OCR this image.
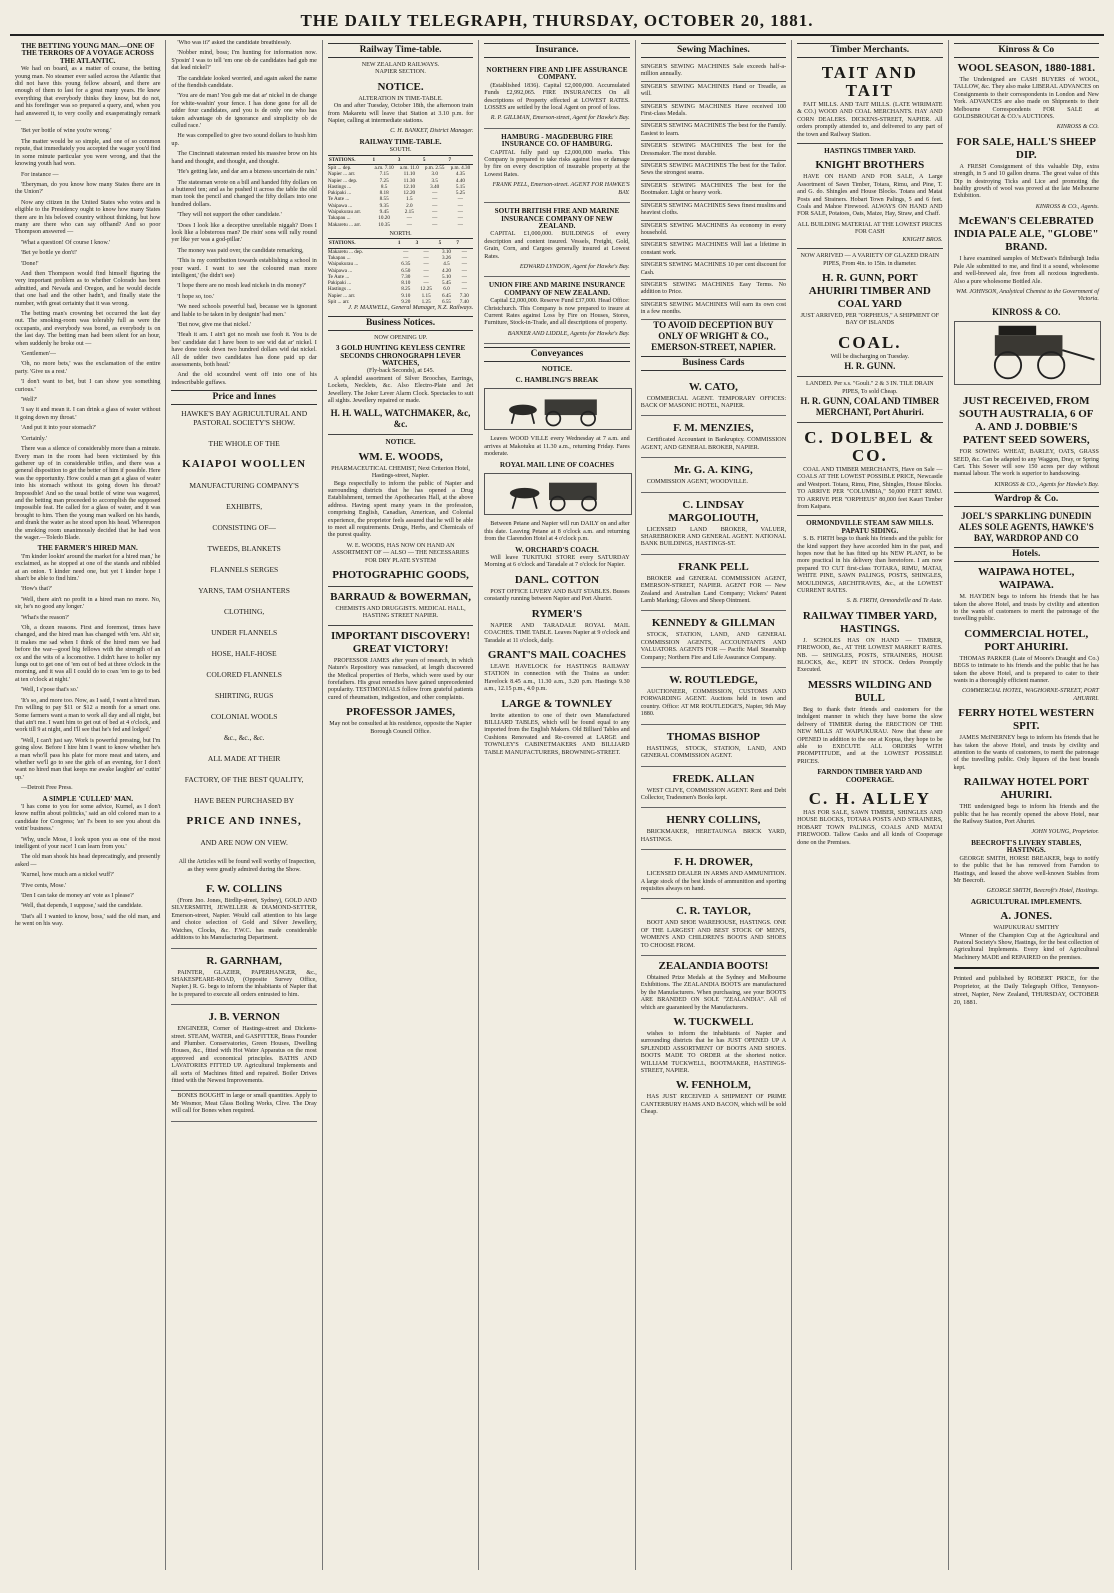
THE DAILY TELEGRAPH, THURSDAY, OCTOBER 20, 1881.
THE BETTING YOUNG MAN.—ONE OF THE TERRORS OF A VOYAGE ACROSS THE ATLANTIC.

We had on board, as a matter of course, the betting young man. No steamer ever sailed across the Atlantic that did not have this young fellow aboard, and there are enough of them to last for a great many years. He knew everything that everybody thinks they know, but do not, and his forefinger was so prepared a query, and, when you had answered it, to very coolly and exasperatingly remark —

'Bet yer bottle of wine you're wrong.'

The matter would be so simple, and one of so common repute, that immediately you accepted the wager you'd find in some minute particular you were wrong, and that the knowing youth had won.

For instance —

'Eberyman, do you know how many States there are in the Union?'

Now any citizen in the United States who votes and is eligible to the Presidency ought to know how many States there are in his beloved country without thinking, but how many are there who can say offhand? And so poor Thompson answered —

'What a question! Of course I know.'

'Bet ye bottle ye don't!'

'Done!'

And then Thompson would find himself figuring the very important problem as to whether Colorado has been admitted, and Nevada and Oregon, and he would decide that one had and the other hadn't, and finally state the number, with great certainty that it was wrong.

The betting man's crowning bet occurred the last day out. The smoking-room was tolerably full as were the occupants, and everybody was bored, as everybody is on the last day. The betting man had been silent for an hour, when suddenly he broke out —

'Gentlemen'—

'Oh, no more bets,' was the exclamation of the entire party. 'Give us a rest.'

'I don't want to bet, but I can show you something curious.'

'Well?'

'I say it and mean it. I can drink a glass of water without it going down my throat.'

'And put it into your stomach?'

'Certainly.'

There was a silence of considerably more than a minute. Every man in the room had been victimised by this gatherer up of in considerable trifles, and there was a general disposition to get the better of him if possible. Here was the opportunity. How could a man get a glass of water into his stomach without its going down his throat? Impossible! And so the usual bottle of wine was wagered, and the betting man proceeded to accomplish the supposed impossible feat. He called for a glass of water, and it was brought to him. Then the young man walked on his hands, and drank the water as he stood upon his head. Whereupon the smoking room unanimously decided that he had won the wager.—Toledo Blade.

THE FARMER'S HIRED MAN.

'I'm kinder lookin' around the market for a hired man,' he exclaimed, as he stopped at one of the stands and nibbled at an onion. 'I kinder need one, but yet I kinder hope I shan't be able to find him.'

'How's that?'

'Well, there ain't no profit in a hired man no more. No, sir, he's no good any longer.'

'What's the reason?'

'Oh, a dozen reasons. First and foremost, times have changed, and the hired man has changed with 'em. Ah! sir, it makes me sad when I think of the hired men we had before the war—good big fellows with the strength of an ox and the wits of a locomotive. I didn't have to holler my lungs out to get one of 'em out of bed at three o'clock in the morning, and it was all I could do to coax 'em to go to bed at ten o'clock at night.'

'Well, I s'pose that's so.'

'It's so, and more too. Now, as I said, I want a hired man. I'm willing to pay $11 or $12 a month for a smart one. Some farmers want a man to work all day and all night, but that ain't me. I want him to get out of bed at 4 o'clock, and work till 9 at night, and I'll see that he's fed and lodged.'

'Well, I can't just say. Work is powerful pressing, but I'm going slow. Before I hire him I want to know whether he's a man who'll pass his plate for more meat and taters, and whether we'll go to see the girls of an evening, for I don't want no hired man that keeps me awake laughin' an' cuttin' up.'

—Detroit Free Press.

A SIMPLE 'CULLED' MAN.

'I has come to you for some advice, Kurnel, as I don't know nuffin about politicks,' said an old colored man to a candidate for Congress; 'an' I's been to see you about dis votin' business.'

'Why, uncle Mose, I look upon you as one of the most intelligent of your race! I can learn from you.'

The old man shook his head deprecatingly, and presently asked —

'Kurnel, how much am a nickel wuff?'

'Five cents, Mose.'

'Den I can take de money an' vote as I please?'

'Well, that depends, I suppose,' said the candidate.

'Dat's all I wanted to know, boss,' said the old man, and he went on his way.

'Who was it?' asked the candidate breathlessly.

'Nobber mind, boss; I'm hunting for information now. S'posin' I was to tell 'em one ob de candidates had gub me dat lead nickel?'

The candidate looked worried, and again asked the name of the fiendish candidate.

'You are de man! You gub me dat ar' nickel in de change for white-washin' your fence. I has done gone for all de udder four candidates, and you is de only one who has taken advantage ob de ignorance and simplicity ob de cullud race.'

He was compelled to give two sound dollars to hush him up.

The Cincinnati statesman rested his massive brow on his hand and thought, and thought, and thought.

'He's getting late, and dar am a bizness uncertain de rain.'

The statesman wrote on a bill and handed fifty dollars on a buttered ten; and as he pushed it across the table the old man took the pencil and changed the fifty dollars into one hundred dollars.

'They will not support the other candidate.'

'Does I look like a deceptive unreliable niggah? Does I look like a lobsterous man? De risin' sons will rally round yer like yer was a god-pillar.'

The money was paid over, the candidate remarking,

'This is my contribution towards establishing a school in your ward. I want to see the coloured man more intelligent,' (he didn't see)

'I hope there are no mosh lead nickels in dis money?'

'I hope so, too.'

'We need schools powerful bad, because we is ignorant and liable to be taken in by designin' bad men.'

'But now, give me that nickel.'

'Heah it am. I ain't got no mosh use fooh it. You is de bes' candidate dat I have been to see wid dat ar' nickel. I have done took down two hundred dollars wid dat nickel. All de udder two candidates has done paid up dar assessments, both head.'

And the old scoundrel went off into one of his indescribable guffaws.

Price and Innes

HAWKE'S BAY AGRICULTURAL AND PASTORAL SOCIETY'S SHOW.

THE WHOLE OF THE

KAIAPOI WOOLLEN

MANUFACTURING COMPANY'S

EXHIBITS,

CONSISTING OF—

TWEEDS, BLANKETS

FLANNELS SERGES

YARNS, TAM O'SHANTERS

CLOTHING,

UNDER FLANNELS

HOSE, HALF-HOSE

COLORED FLANNELS

SHIRTING, RUGS

COLONIAL WOOLS

&c., &c., &c.

ALL MADE AT THEIR

FACTORY, OF THE BEST QUALITY,

HAVE BEEN PURCHASED BY

PRICE AND INNES,

AND ARE NOW ON VIEW.

All the Articles will be found well worthy of Inspection, as they were greatly admired during the Show.

F. W. COLLINS

(From Jno. Jones, Birdlip-street, Sydney), GOLD AND SILVERSMITH, JEWELLER & DIAMOND-SETTER, Emerson-street, Napier. Would call attention to his large and choice selection of Gold and Silver Jewellery, Watches, Clocks, &c. F.W.C. has made considerable additions to his Manufacturing Department.

R. GARNHAM,

PAINTER, GLAZIER, PAPERHANGER, &c., SHAKESPEARE-ROAD, (Opposite Survey Office, Napier.) R. G. begs to inform the inhabitants of Napier that he is prepared to execute all orders entrusted to him.

J. B. VERNON

ENGINEER, Corner of Hastings-street and Dickens-street. STEAM, WATER, and GASFITTER, Brass Founder and Plumber. Conservatories, Green Houses, Dwelling Houses, &c., fitted with Hot Water Apparatus on the most approved and economical principles. BATHS AND LAVATORIES FITTED UP. Agricultural Implements and all sorts of Machines fitted and repaired. Boiler Drives fitted with the Newest Improvements.

BONES BOUGHT in large or small quantities. Apply to Mr Wesmor, Meat Glass Boiling Works, Clive. The Dray will call for Bones when required.

Railway Time-table.
NEW ZEALAND RAILWAYS.
NAPIER SECTION.
NOTICE.
ALTERATION IN TIME-TABLE.

On and after Tuesday, October 18th, the afternoon train from Makaretu will leave that Station at 3.10 p.m. for Napier, calling at intermediate stations.

C. H. BANKET, District Manager.
RAILWAY TIME-TABLE.
SOUTH.
STATIONS.	1	3	5	7
Spit ... dep.	a.m. 7.10	a.m. 11.0	p.m. 2.55	p.m. 4.30
Napier ... arr.	7.15	11.10	3.0	4.35
Napier ... dep.	7.25	11.30	3.5	4.40
Hastings ...	8.5	12.10	3.40	5.15
Pakipaki ...	8.18	12.20	—	5.25
Te Aute ...	8.55	1.5	—	—
Waipawa ...	9.35	2.0	—	—
Waipukurau arr.	9.45	2.15	—	—
Takapau ...	10.20	—	—	—
Makaretu ... arr.	10.35	—	—	—
NORTH.
STATIONS.	1	3	5	7
Makaretu ... dep.	—	—	3.10	—
Takapau ...	—	—	3.26	—
Waipukurau ...	6.35	—	4.5	—
Waipawa ...	6.50	—	4.20	—
Te Aute ...	7.30	—	5.10	—
Pakipaki ...	8.10	—	5.45	—
Hastings ...	8.25	12.25	6.0	—
Napier ... arr.	9.10	1.15	6.45	7.30
Spit ... arr.	9.20	1.25	6.55	7.40
J. P. MAXWELL, General Manager, N.Z. Railways.
Business Notices.
NOW OPENING UP.
3 GOLD HUNTING KEYLESS CENTRE SECONDS CHRONOGRAPH LEVER WATCHES,
(Fly-back Seconds), at £45.

A splendid assortment of Silver Brooches, Earrings, Lockets, Necklets, &c. Also Electro-Plate and Jet Jewellery. The Joker Lever Alarm Clock. Spectacles to suit all sights. Jewellery repaired or made.

H. H. WALL, WATCHMAKER, &c, &c.
NOTICE.
WM. E. WOODS,
PHARMACEUTICAL CHEMIST, Next Criterion Hotel, Hastings-street, Napier.

Begs respectfully to inform the public of Napier and surrounding districts that he has opened a Drug Establishment, termed the Apothecaries Hall, at the above address. Having spent many years in the profession, comprising English, Canadian, American, and Colonial experience, the proprietor feels assured that he will be able to meet all requirements. Drugs, Herbs, and Chemicals of the purest quality.

W. E. WOODS, HAS NOW ON HAND AN ASSORTMENT OF — ALSO — THE NECESSARIES FOR DRY PLATE SYSTEM
PHOTOGRAPHIC GOODS,
BARRAUD & BOWERMAN,
CHEMISTS AND DRUGGISTS. MEDICAL HALL, HASTING STREET NAPIER.
IMPORTANT DISCOVERY! GREAT VICTORY!

PROFESSOR JAMES after years of research, in which Nature's Repository was ransacked, at length discovered the Medical properties of Herbs, which were used by our forefathers. His great remedies have gained unprecedented popularity. TESTIMONIALS follow from grateful patients cured of rheumatism, indigestion, and other complaints.

PROFESSOR JAMES,
May not be consulted at his residence, opposite the Napier Borough Council Office.
Insurance.
NORTHERN FIRE AND LIFE ASSURANCE COMPANY.

(Established 1836). Capital £2,000,000. Accumulated Funds £2,992,065. FIRE INSURANCES On all descriptions of Property effected at LOWEST RATES. LOSSES are settled by the local Agent on proof of loss.

R. P. GILLMAN, Emerson-street, Agent for Hawke's Bay.
HAMBURG - MAGDEBURG FIRE INSURANCE CO. OF HAMBURG.

CAPITAL fully paid up £2,000,000 marks. This Company is prepared to take risks against loss or damage by fire on every description of insurable property at the Lowest Rates.

FRANK PELL, Emerson-street. AGENT FOR HAWKE'S BAY.
SOUTH BRITISH FIRE AND MARINE INSURANCE COMPANY OF NEW ZEALAND.

CAPITAL £1,000,000. BUILDINGS of every description and content insured. Vessels, Freight, Gold, Grain, Corn, and Cargoes generally insured at Lowest Rates.

EDWARD LYNDON, Agent for Hawke's Bay.
UNION FIRE AND MARINE INSURANCE COMPANY OF NEW ZEALAND.

Capital £2,000,000. Reserve Fund £37,000. Head Office: Christchurch. This Company is now prepared to insure at Current Rates against Loss by Fire on Houses, Stores, Furniture, Stock-in-Trade, and all descriptions of property.

BANNER AND LIDDLE, Agents for Hawke's Bay.
Conveyances
NOTICE.
C. HAMBLING'S BREAK

Leaves WOOD VILLE every Wednesday at 7 a.m. and arrives at Makotuku at 11.30 a.m., returning Friday. Fares moderate.

ROYAL MAIL LINE OF COACHES

Between Petane and Napier will run DAILY on and after this date. Leaving Petane at 8 o'clock a.m. and returning from the Clarendon Hotel at 4 o'clock p.m.

W. ORCHARD'S COACH.

Will leave TUKITUKI STORE every SATURDAY Morning at 6 o'clock and Taradale at 7 o'clock for Napier.

DANL. COTTON

POST OFFICE LIVERY AND BAIT STABLES. Busses constantly running between Napier and Port Ahuriri.

RYMER'S

NAPIER AND TARADALE ROYAL MAIL COACHES. TIME TABLE. Leaves Napier at 9 o'clock and Taradale at 11 o'clock, daily.

GRANT'S MAIL COACHES

LEAVE HAVELOCK for HASTINGS RAILWAY STATION in connection with the Trains as under: Havelock 8.45 a.m., 11.30 a.m., 3.20 p.m. Hastings 9.30 a.m., 12.15 p.m., 4.0 p.m.

LARGE & TOWNLEY

Invite attention to one of their own Manufactured BILLIARD TABLES, which will be found equal to any imported from the English Makers. Old Billiard Tables and Cushions Renovated and Re-covered at LARGE and TOWNLEY'S CABINETMAKERS AND BILLIARD TABLE MANUFACTURERS, BROWNING-STREET.

Sewing Machines.
SINGER'S SEWING MACHINES Sale exceeds half-a-million annually.
SINGER'S SEWING MACHINES Hand or Treadle, as will.
SINGER'S SEWING MACHINES Have received 100 First-class Medals.
SINGER'S SEWING MACHINES The best for the Family. Easiest to learn.
SINGER'S SEWING MACHINES The best for the Dressmaker. The most durable.
SINGER'S SEWING MACHINES The best for the Tailor. Sews the strongest seams.
SINGER'S SEWING MACHINES The best for the Bootmaker. Light or heavy work.
SINGER'S SEWING MACHINES Sews finest muslins and heaviest cloths.
SINGER'S SEWING MACHINES As economy in every household.
SINGER'S SEWING MACHINES Will last a lifetime in constant work.
SINGER'S SEWING MACHINES 10 per cent discount for Cash.
SINGER'S SEWING MACHINES Easy Terms. No addition to Price.
SINGER'S SEWING MACHINES Will earn its own cost in a few months.
TO AVOID DECEPTION BUY ONLY OF WRIGHT & CO., EMERSON-STREET, NAPIER.
Business Cards
W. CATO,

COMMERCIAL AGENT. TEMPORARY OFFICES: BACK OF MASONIC HOTEL, NAPIER.

F. M. MENZIES,

Certificated Accountant in Bankruptcy. COMMISSION AGENT, AND GENERAL BROKER, NAPIER.

Mr. G. A. KING,

COMMISSION AGENT, WOODVILLE.

C. LINDSAY MARGOLIOUTH,

LICENSED LAND BROKER, VALUER, SHAREBROKER AND GENERAL AGENT. NATIONAL BANK BUILDINGS, HASTINGS-ST.

FRANK PELL

BROKER and GENERAL COMMISSION AGENT, EMERSON-STREET, NAPIER. AGENT FOR — New Zealand and Australian Land Company; Vickers' Patent Lamb Marking; Gloves and Sheep Ointment.

KENNEDY & GILLMAN

STOCK, STATION, LAND, AND GENERAL COMMISSION AGENTS, ACCOUNTANTS AND VALUATORS. AGENTS FOR — Pacific Mail Steamship Company; Northern Fire and Life Assurance Company.

W. ROUTLEDGE,

AUCTIONEER, COMMISSION, CUSTOMS AND FORWARDING AGENT. Auctions held in town and country. Office: AT MR ROUTLEDGE'S, Napier, 9th May 1880.

THOMAS BISHOP

HASTINGS, STOCK, STATION, LAND, AND GENERAL COMMISSION AGENT.

FREDK. ALLAN

WEST CLIVE, COMMISSION AGENT. Rent and Debt Collector, Tradesmen's Books kept.

HENRY COLLINS,

BRICKMAKER, HERETAUNGA BRICK YARD, HASTINGS.

F. H. DROWER,

LICENSED DEALER IN ARMS AND AMMUNITION. A large stock of the best kinds of ammunition and sporting requisites always on hand.

C. R. TAYLOR,

BOOT AND SHOE WAREHOUSE, HASTINGS. ONE OF THE LARGEST AND BEST STOCK OF MEN'S, WOMEN'S AND CHILDREN'S BOOTS AND SHOES TO CHOOSE FROM.

ZEALANDIA BOOTS!

Obtained Prize Medals at the Sydney and Melbourne Exhibitions. The ZEALANDIA BOOTS are manufactured by the Manufacturers. When purchasing, see your BOOTS ARE BRANDED ON SOLE "ZEALANDIA". All of which are guaranteed by the Manufacturers.

W. TUCKWELL

wishes to inform the inhabitants of Napier and surrounding districts that he has JUST OPENED UP A SPLENDID ASSORTMENT OF BOOTS AND SHOES. BOOTS MADE TO ORDER at the shortest notice. WILLIAM TUCKWELL, BOOTMAKER, HASTINGS-STREET, NAPIER.

W. FENHOLM,

HAS JUST RECEIVED A SHIPMENT OF PRIME CANTERBURY HAMS AND BACON, which will be sold Cheap.

Timber Merchants.
TAIT AND TAIT

FAIT MILLS. AND TAIT MILLS. (LATE WIRIMATE & CO.) WOOD AND COAL MERCHANTS. HAY AND CORN DEALERS. DICKENS-STREET, NAPIER. All orders promptly attended to, and delivered to any part of the town and Railway Station.

HASTINGS TIMBER YARD.
KNIGHT BROTHERS

HAVE ON HAND AND FOR SALE, A Large Assortment of Sawn Timber, Totara, Rimu, and Pine, T. and G. do. Shingles and House Blocks. Totara and Matai Posts and Strainers. Hobart Town Palings, 5 and 6 feet. Coals and Mahoe Firewood. ALWAYS ON HAND AND FOR SALE, Potatoes, Oats, Maize, Hay, Straw, and Chaff.

ALL BUILDING MATERIAL AT THE LOWEST PRICES FOR CASH
KNIGHT BROS.
NOW ARRIVED — A VARIETY OF GLAZED DRAIN PIPES, From 4in. to 15in. in diameter.
H. R. GUNN, PORT AHURIRI TIMBER AND COAL YARD
JUST ARRIVED, PER "ORPHEUS," A SHIPMENT OF BAY OF ISLANDS
COAL.
Will be discharging on Tuesday.
H. R. GUNN.
LANDED. Per s.s. "Gouli." 2 & 3 IN. TILE DRAIN PIPES, To sold Cheap.
H. R. GUNN, COAL AND TIMBER MERCHANT, Port Ahuriri.
C. DOLBEL & CO.

COAL AND TIMBER MERCHANTS, Have on Sale — COALS AT THE LOWEST POSSIBLE PRICE, Newcastle and Westport. Totara, Rimu, Pine, Shingles, House Blocks. TO ARRIVE PER "COLUMBIA," 50,000 FEET RIMU. TO ARRIVE PER "ORPHEUS" 80,000 feet Kauri Timber from Kaipara.

ORMONDVILLE STEAM SAW MILLS. PAPATU SIDING.

S. B. FIRTH begs to thank his friends and the public for the kind support they have accorded him in the past, and hopes now that he has fitted up his NEW PLANT, to be more practical in his delivery than heretofore. I am now prepared TO CUT first-class TOTARA, RIMU, MATAI, WHITE PINE, SAWN PALINGS, POSTS, SHINGLES, MOULDINGS, ARCHITRAVES, &c., at the LOWEST CURRENT RATES.

S. B. FIRTH, Ormondville and Te Aute.
RAILWAY TIMBER YARD, HASTINGS.

J. SCHOLES HAS ON HAND — TIMBER, FIREWOOD, &c., AT THE LOWEST MARKET RATES. NB. — SHINGLES, POSTS, STRAINERS, HOUSE BLOCKS, &c., KEPT IN STOCK. Orders Promptly Executed.

MESSRS WILDING AND BULL

Beg to thank their friends and customers for the indulgent manner in which they have borne the slow delivery of TIMBER during the ERECTION OF THE NEW MILLS AT WAIPUKURAU. Now that these are OPENED in addition to the one at Kopua, they hope to be able to EXECUTE ALL ORDERS WITH PROMPTITUDE, and at the LOWEST POSSIBLE PRICES.

FARNDON TIMBER YARD AND COOPERAGE.
C. H. ALLEY

HAS FOR SALE, SAWN TIMBER, SHINGLES AND HOUSE BLOCKS, TOTARA POSTS AND STRAINERS, HOBART TOWN PALINGS, COALS AND MATAI FIREWOOD. Tallow Casks and all kinds of Cooperage done on the Premises.

Kinross & Co
WOOL SEASON, 1880-1881.

The Undersigned are CASH BUYERS of WOOL, TALLOW, &c. They also make LIBERAL ADVANCES on Consignments to their correspondents in London and New York. ADVANCES are also made on Shipments to their Melbourne Correspondents FOR SALE at GOLDSBROUGH & CO.'s AUCTIONS.

KINROSS & CO.
FOR SALE, HALL'S SHEEP DIP.

A FRESH Consignment of this valuable Dip, extra strength, in 5 and 10 gallon drums. The great value of this Dip in destroying Ticks and Lice and promoting the healthy growth of wool was proved at the late Melbourne Exhibition.

KINROSS & CO., Agents.
McEWAN'S CELEBRATED INDIA PALE ALE, "GLOBE" BRAND.

I have examined samples of McEwan's Edinburgh India Pale Ale submitted to me, and find it a sound, wholesome and well-brewed ale, free from all noxious ingredients. Also a pure wholesome Bottled Ale.

WM. JOHNSON, Analytical Chemist to the Government of Victoria.
KINROSS & CO.
JUST RECEIVED, FROM SOUTH AUSTRALIA, 6 OF A. AND J. DOBBIE'S PATENT SEED SOWERS,

FOR SOWING WHEAT, BARLEY, OATS, GRASS SEED, &c. Can be adapted to any Waggon, Dray, or Spring Cart. This Sower will sow 150 acres per day without manual labour. The work is superior to handsowing.

KINROSS & CO., Agents for Hawke's Bay.
Wardrop & Co.
JOEL'S SPARKLING DUNEDIN ALES SOLE AGENTS, HAWKE'S BAY, WARDROP AND CO
Hotels.
WAIPAWA HOTEL, WAIPAWA.

M. HAYDEN begs to inform his friends that he has taken the above Hotel, and trusts by civility and attention to the wants of customers to merit the patronage of the travelling public.

COMMERCIAL HOTEL, PORT AHURIRI.

THOMAS PARKER (Late of Moore's Draught and Co.) BEGS to intimate to his friends and the public that he has taken the above Hotel, and is prepared to cater to their wants in a thoroughly efficient manner.

COMMERCIAL HOTEL, WAGHORNE-STREET, PORT AHURIRI.
FERRY HOTEL WESTERN SPIT.

JAMES McINERNEY begs to inform his friends that he has taken the above Hotel, and trusts by civility and attention to the wants of customers, to merit the patronage of the travelling public. Only liquors of the best brands kept.

RAILWAY HOTEL PORT AHURIRI.

THE undersigned begs to inform his friends and the public that he has recently opened the above Hotel, near the Railway Station, Port Ahuriri.

JOHN YOUNG, Proprietor.
BEECROFT'S LIVERY STABLES, HASTINGS.

GEORGE SMITH, HORSE BREAKER, begs to notify to the public that he has removed from Farndon to Hastings, and leased the above well-known Stables from Mr Beecroft.

GEORGE SMITH, Beecroft's Hotel, Hastings.
AGRICULTURAL IMPLEMENTS.
A. JONES.
WAIPUKURAU SMITHY

Winner of the Champion Cup at the Agricultural and Pastoral Society's Show, Hastings, for the best collection of Agricultural Implements. Every kind of Agricultural Machinery MADE and REPAIRED on the premises.

Printed and published by ROBERT PRICE, for the Proprietor, at the Daily Telegraph Office, Tennyson-street, Napier, New Zealand, THURSDAY, OCTOBER 20, 1881.
